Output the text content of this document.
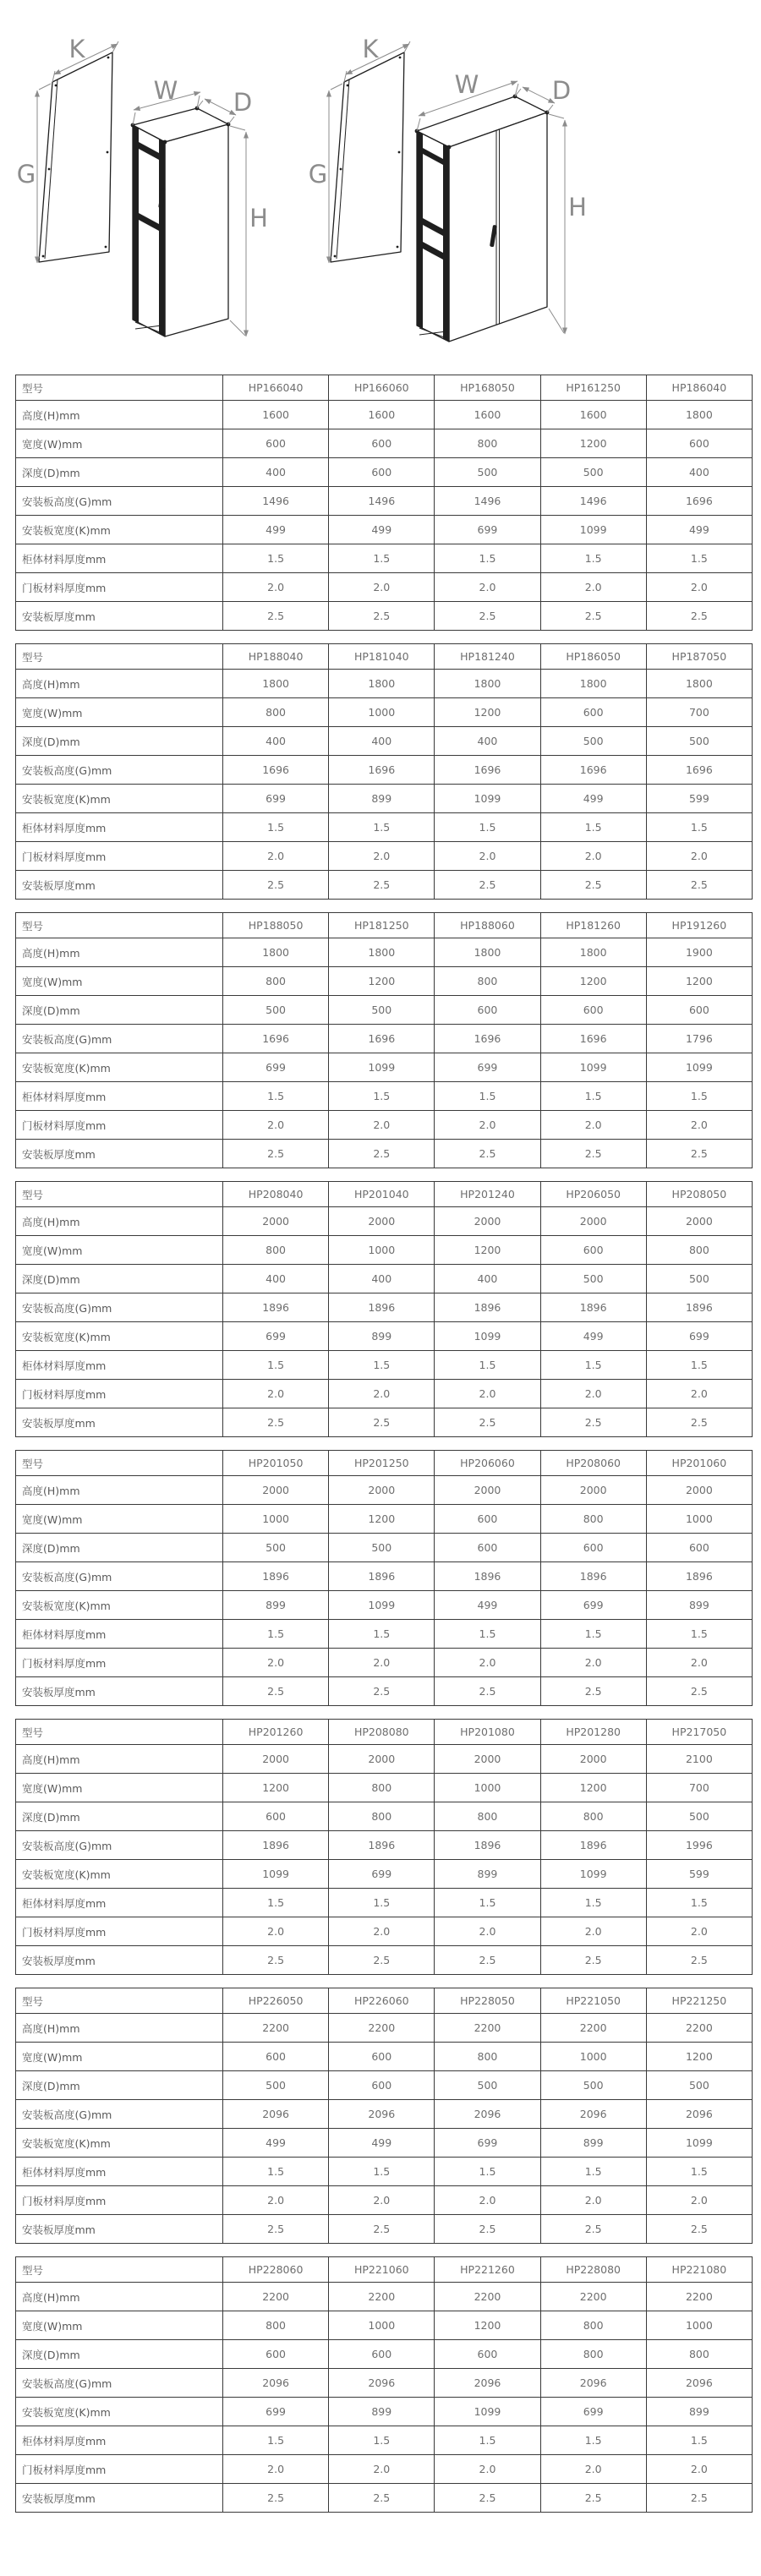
K
G
W D
H
K
G
W	D
H
型号	HP166040	HP166060	HP168050	HP161250	HP186040
高度(H)mm	1600	1600	1600	1600	1800
宽度(W)mm	600	600	800	1200	600
深度(D)mm	400	600	500	500	400
安装板高度(G)mm	1496	1496	1496	1496	1696
安装板宽度(K)mm	499	499	699	1099	499
柜体材料厚度mm	1.5	1.5	1.5	1.5	1.5
门板材料厚度mm	2.0	2.0	2.0	2.0	2.0
安装板厚度mm	2.5	2.5	2.5	2.5	2.5
型号	HP188040	HP181040	HP181240	HP186050	HP187050
高度(H)mm	1800	1800	1800	1800	1800
宽度(W)mm	800	1000	1200	600	700
深度(D)mm	400	400	400	500	500
安装板高度(G)mm	1696	1696	1696	1696	1696
安装板宽度(K)mm	699	899	1099	499	599
柜体材料厚度mm	1.5	1.5	1.5	1.5	1.5
门板材料厚度mm	2.0	2.0	2.0	2.0	2.0
安装板厚度mm	2.5	2.5	2.5	2.5	2.5
型号	HP188050	HP181250	HP188060	HP181260	HP191260
高度(H)mm	1800	1800	1800	1800	1900
宽度(W)mm	800	1200	800	1200	1200
深度(D)mm	500	500	600	600	600
安装板高度(G)mm	1696	1696	1696	1696	1796
安装板宽度(K)mm	699	1099	699	1099	1099
柜体材料厚度mm	1.5	1.5	1.5	1.5	1.5
门板材料厚度mm	2.0	2.0	2.0	2.0	2.0
安装板厚度mm	2.5	2.5	2.5	2.5	2.5
型号	HP208040	HP201040	HP201240	HP206050	HP208050
高度(H)mm	2000	2000	2000	2000	2000
宽度(W)mm	800	1000	1200	600	800
深度(D)mm	400	400	400	500	500
安装板高度(G)mm	1896	1896	1896	1896	1896
安装板宽度(K)mm	699	899	1099	499	699
柜体材料厚度mm	1.5	1.5	1.5	1.5	1.5
门板材料厚度mm	2.0	2.0	2.0	2.0	2.0
安装板厚度mm	2.5	2.5	2.5	2.5	2.5
型号	HP201050	HP201250	HP206060	HP208060	HP201060
高度(H)mm	2000	2000	2000	2000	2000
宽度(W)mm	1000	1200	600	800	1000
深度(D)mm	500	500	600	600	600
安装板高度(G)mm	1896	1896	1896	1896	1896
安装板宽度(K)mm	899	1099	499	699	899
柜体材料厚度mm	1.5	1.5	1.5	1.5	1.5
门板材料厚度mm	2.0	2.0	2.0	2.0	2.0
安装板厚度mm	2.5	2.5	2.5	2.5	2.5
型号	HP201260	HP208080	HP201080	HP201280	HP217050
高度(H)mm	2000	2000	2000	2000	2100
宽度(W)mm	1200	800	1000	1200	700
深度(D)mm	600	800	800	800	500
安装板高度(G)mm	1896	1896	1896	1896	1996
安装板宽度(K)mm	1099	699	899	1099	599
柜体材料厚度mm	1.5	1.5	1.5	1.5	1.5
门板材料厚度mm	2.0	2.0	2.0	2.0	2.0
安装板厚度mm	2.5	2.5	2.5	2.5	2.5
型号	HP226050	HP226060	HP228050	HP221050	HP221250
高度(H)mm	2200	2200	2200	2200	2200
宽度(W)mm	600	600	800	1000	1200
深度(D)mm	500	600	500	500	500
安装板高度(G)mm	2096	2096	2096	2096	2096
安装板宽度(K)mm	499	499	699	899	1099
柜体材料厚度mm	1.5	1.5	1.5	1.5	1.5
门板材料厚度mm	2.0	2.0	2.0	2.0	2.0
安装板厚度mm	2.5	2.5	2.5	2.5	2.5
型号	HP228060	HP221060	HP221260	HP228080	HP221080
高度(H)mm	2200	2200	2200	2200	2200
宽度(W)mm	800	1000	1200	800	1000
深度(D)mm	600	600	600	800	800
安装板高度(G)mm	2096	2096	2096	2096	2096
安装板宽度(K)mm	699	899	1099	699	899
柜体材料厚度mm	1.5	1.5	1.5	1.5	1.5
门板材料厚度mm	2.0	2.0	2.0	2.0	2.0
安装板厚度mm	2.5	2.5	2.5	2.5	2.5
